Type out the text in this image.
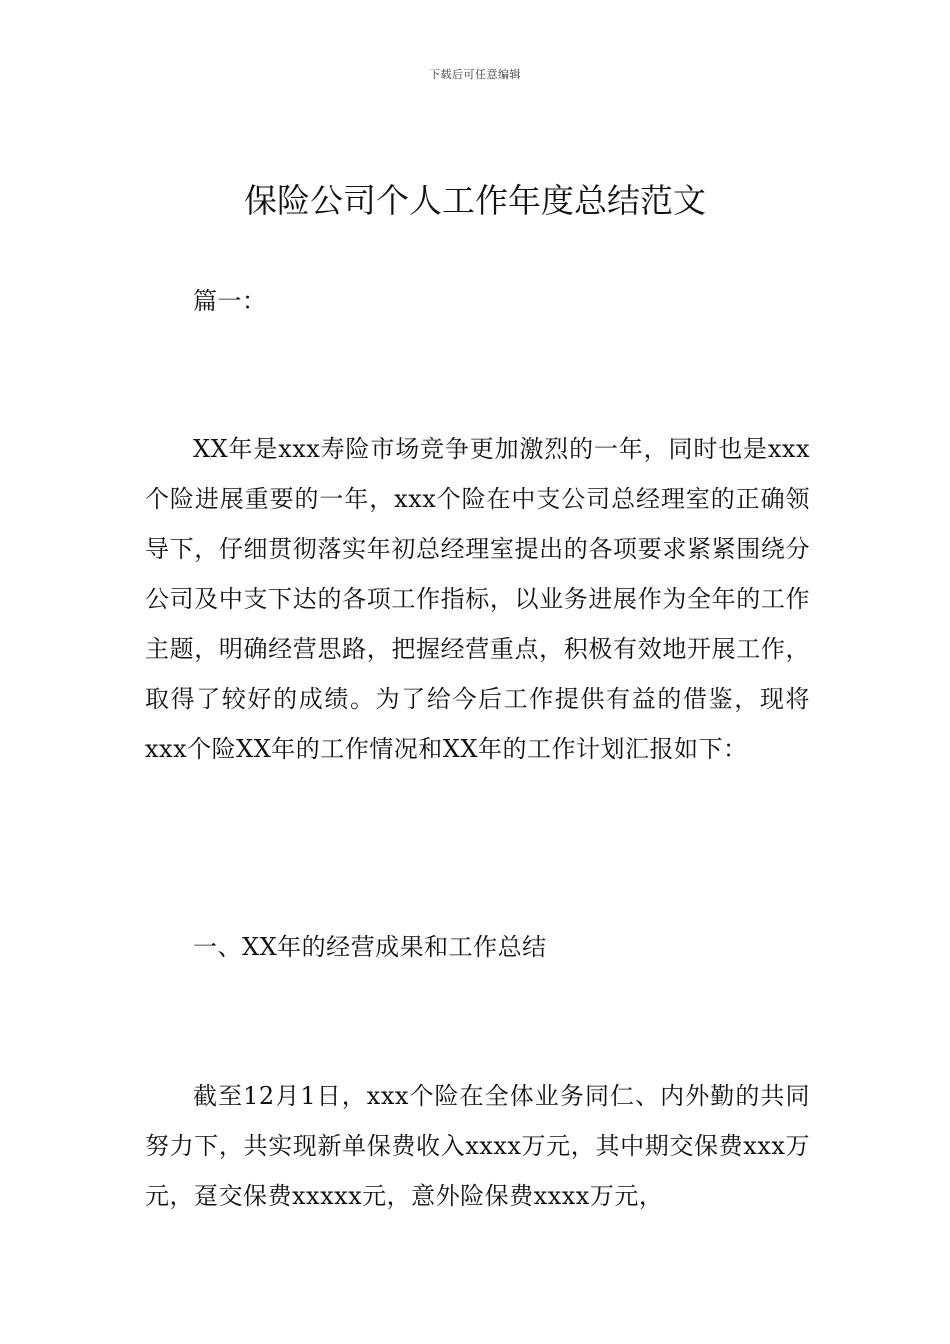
下载后可任意编辑
保险公司个人工作年度总结范文

篇一：

XX年是xxx寿险市场竞争更加激烈的一年，同时也是xxx个险进展重要的一年，xxx个险在中支公司总经理室的正确领导下，仔细贯彻落实年初总经理室提出的各项要求紧紧围绕分公司及中支下达的各项工作指标，以业务进展作为全年的工作主题，明确经营思路，把握经营重点，积极有效地开展工作，取得了较好的成绩。为了给今后工作提供有益的借鉴，现将xxx个险XX年的工作情况和XX年的工作计划汇报如下：

一、XX年的经营成果和工作总结

截至12月1日，xxx个险在全体业务同仁、内外勤的共同努力下，共实现新单保费收入xxxx万元，其中期交保费xxx万元，趸交保费xxxxx元，意外险保费xxxx万元，
